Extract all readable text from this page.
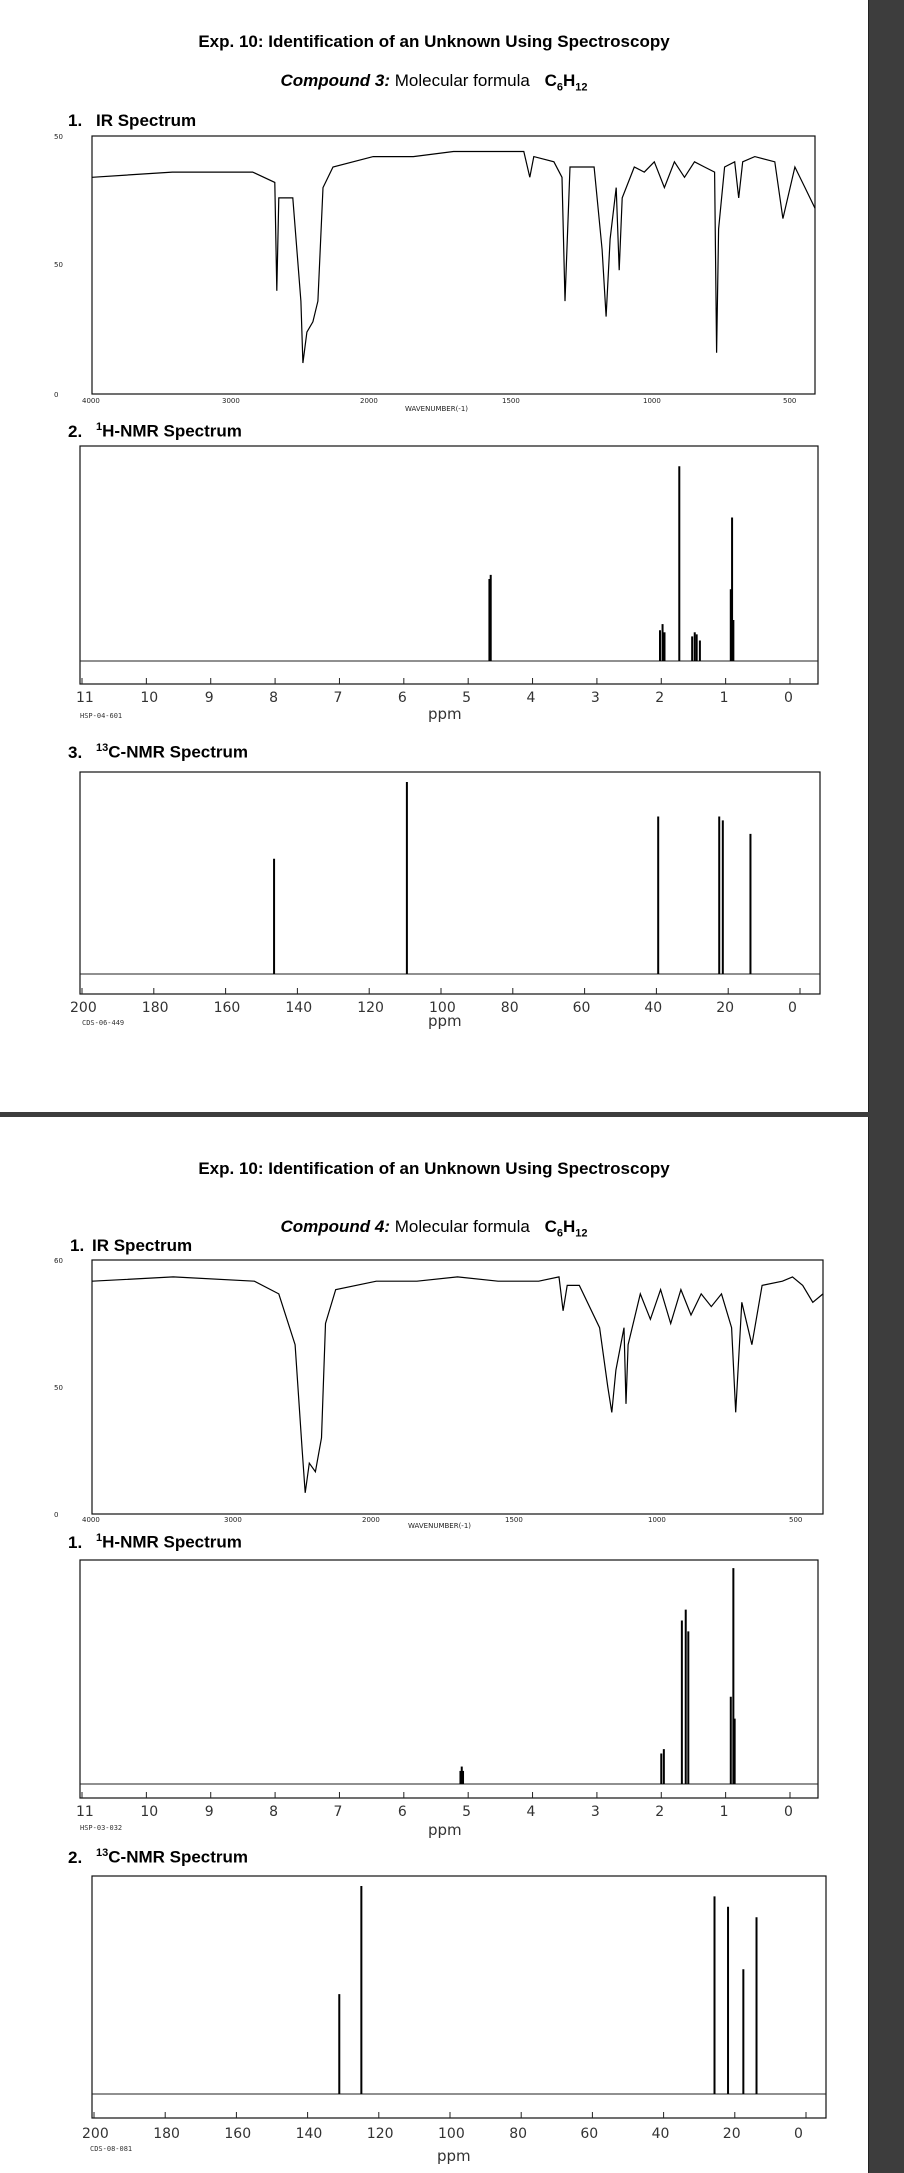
Exp. 10: Identification of an Unknown Using Spectroscopy
Compound 3: Molecular formula $C_6H_{12}$
1. IR Spectrum
50
50
0
4000	3000	2000	1500	1000	500
WAVENUMBER(-1)
2. $^1$H-NMR Spectrum
11	10	9	8	7	6	5	4	3	2	1	0
HSP-04-601	ppm
3. $^{13}$C-NMR Spectrum
200	180	160	140	120	100	80	60	40	20	0
CDS-06-449	ppm
Exp. 10: Identification of an Unknown Using Spectroscopy
Compound 4: Molecular formula $C_6H_{12}$
1. IR Spectrum
60
50
0
4000	3000	2000	1500	1000	500
WAVENUMBER(-1)
1. $^1$H-NMR Spectrum
11	10	9	8	7	6	5	4	3	2	1	0
HSP-03-032	ppm
2. $^{13}$C-NMR Spectrum
200	180	160	140	120	100	80	60	40	20	0
CDS-08-081	ppm
